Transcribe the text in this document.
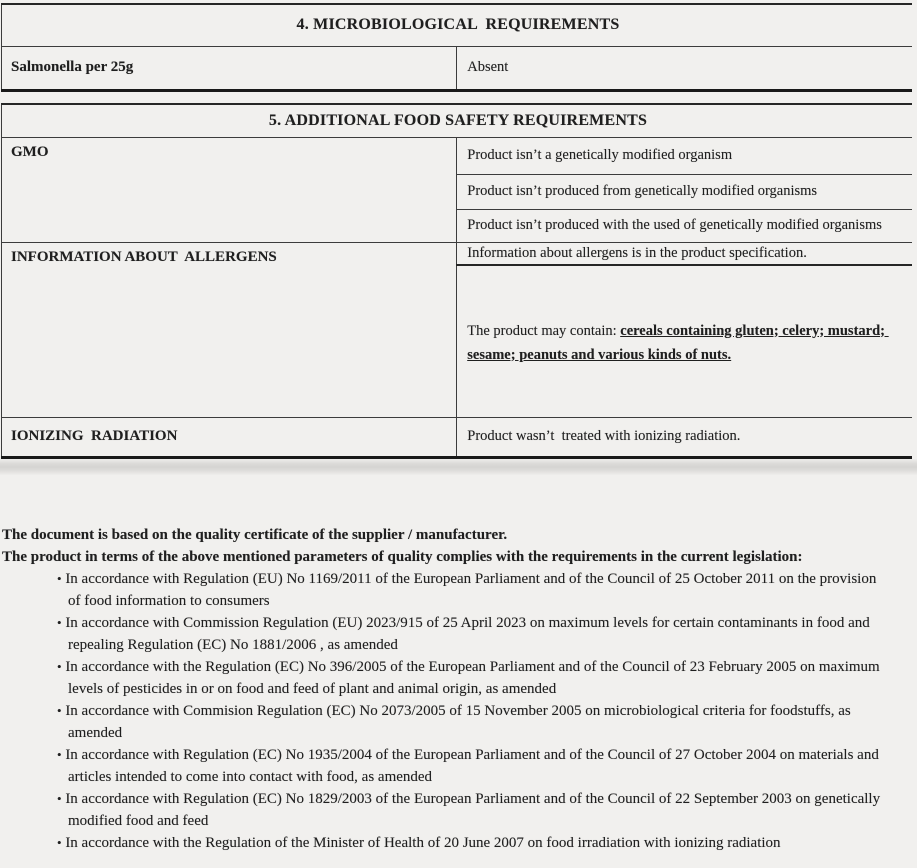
4. MICROBIOLOGICAL  REQUIREMENTS
Salmonella per 25g	Absent
5. ADDITIONAL FOOD SAFETY REQUIREMENTS	
GMO	Product isn’t a genetically modified organism
	Product isn’t produced from genetically modified organisms
	Product isn’t produced with the used of genetically modified organisms
INFORMATION ABOUT  ALLERGENS	Information about allergens is in the product specification.

	The product may contain: cereals containing gluten; celery; mustard; sesame; peanuts and various kinds of nuts.

IONIZING  RADIATION	Product wasn’t  treated with ionizing radiation.

The document is based on the quality certificate of the supplier / manufacturer.

The product in terms of the above mentioned parameters of quality complies with the requirements in the current legislation:

• In accordance with Regulation (EU) No 1169/2011 of the European Parliament and of the Council of 25 October 2011 on the provision of food information to consumers
• In accordance with Commission Regulation (EU) 2023/915 of 25 April 2023 on maximum levels for certain contaminants in food and repealing Regulation (EC) No 1881/2006 , as amended
• In accordance with the Regulation (EC) No 396/2005 of the European Parliament and of the Council of 23 February 2005 on maximum levels of pesticides in or on food and feed of plant and animal origin, as amended
• In accordance with Commision Regulation (EC) No 2073/2005 of 15 November 2005 on microbiological criteria for foodstuffs, as amended
• In accordance with Regulation (EC) No 1935/2004 of the European Parliament and of the Council of 27 October 2004 on materials and articles intended to come into contact with food, as amended
• In accordance with Regulation (EC) No 1829/2003 of the European Parliament and of the Council of 22 September 2003 on genetically modified food and feed
• In accordance with the Regulation of the Minister of Health of 20 June 2007 on food irradiation with ionizing radiation
